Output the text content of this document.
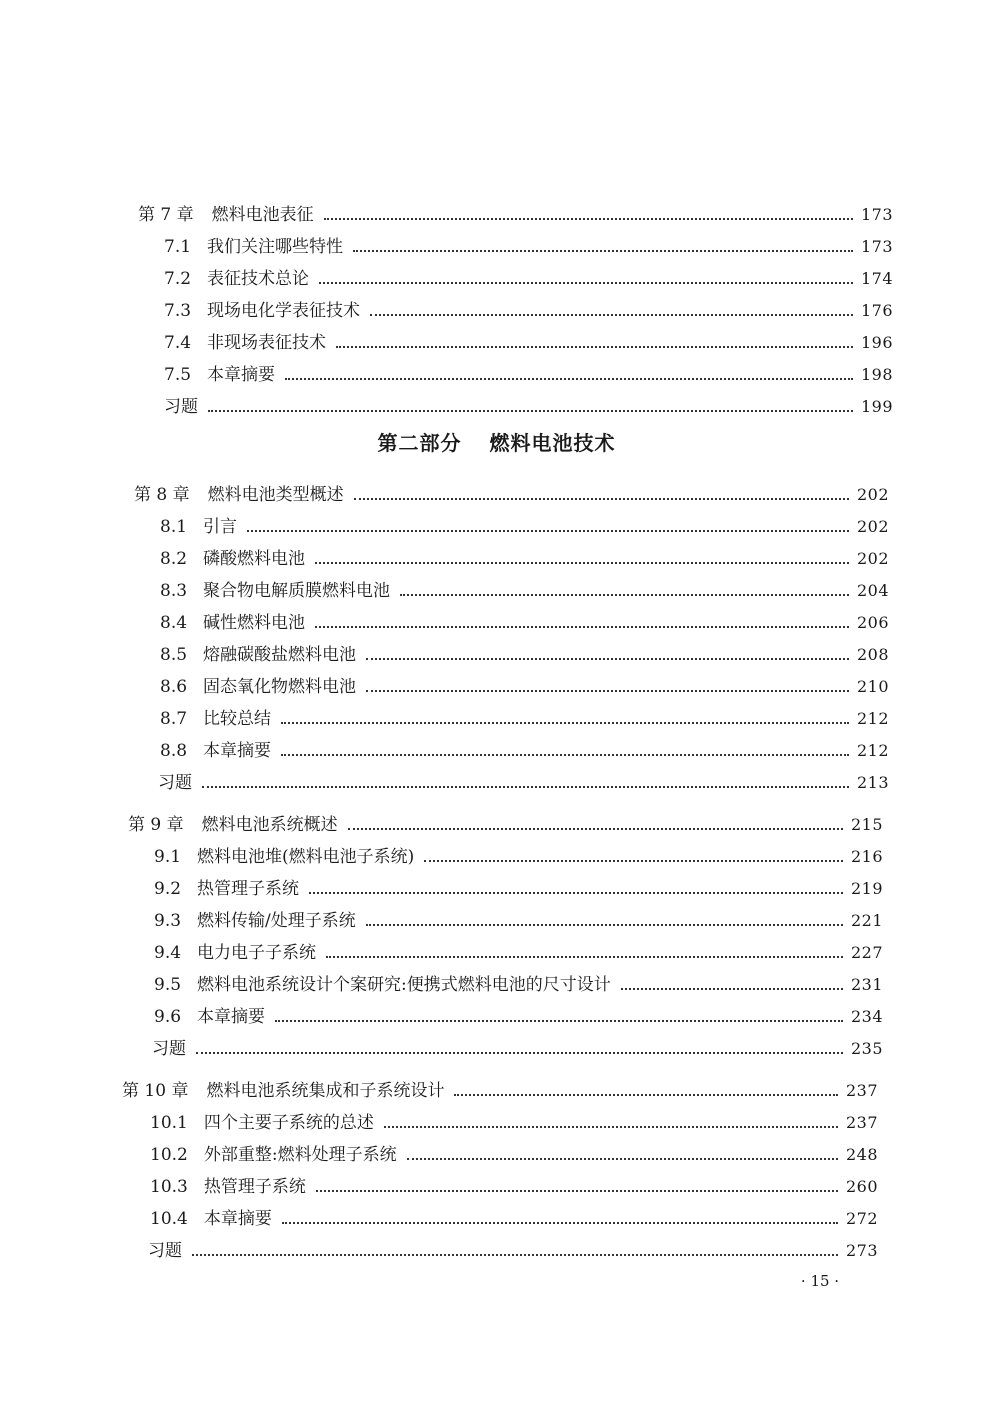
第 7 章 燃料电池表征	173
7.1 我们关注哪些特性	173
7.2 表征技术总论	174
7.3 现场电化学表征技术	176
7.4 非现场表征技术	196
7.5 本章摘要	198
习题	199
第 8 章 燃料电池类型概述	202
8.1 引言	202
8.2 磷酸燃料电池	202
8.3 聚合物电解质膜燃料电池	204
8.4 碱性燃料电池	206
8.5 熔融碳酸盐燃料电池	208
8.6 固态氧化物燃料电池	210
8.7 比较总结	212
8.8 本章摘要	212
习题	213
第 9 章 燃料电池系统概述	215
9.1 燃料电池堆(燃料电池子系统)	216
9.2 热管理子系统	219
9.3 燃料传输/处理子系统	221
9.4 电力电子子系统	227
9.5 燃料电池系统设计个案研究:便携式燃料电池的尺寸设计	231
9.6 本章摘要	234
习题	235
第 10 章 燃料电池系统集成和子系统设计	237
10.1 四个主要子系统的总述	237
10.2 外部重整:燃料处理子系统	248
10.3 热管理子系统	260
10.4 本章摘要	272
习题	273
第二部分 燃料电池技术
· 15 ·
